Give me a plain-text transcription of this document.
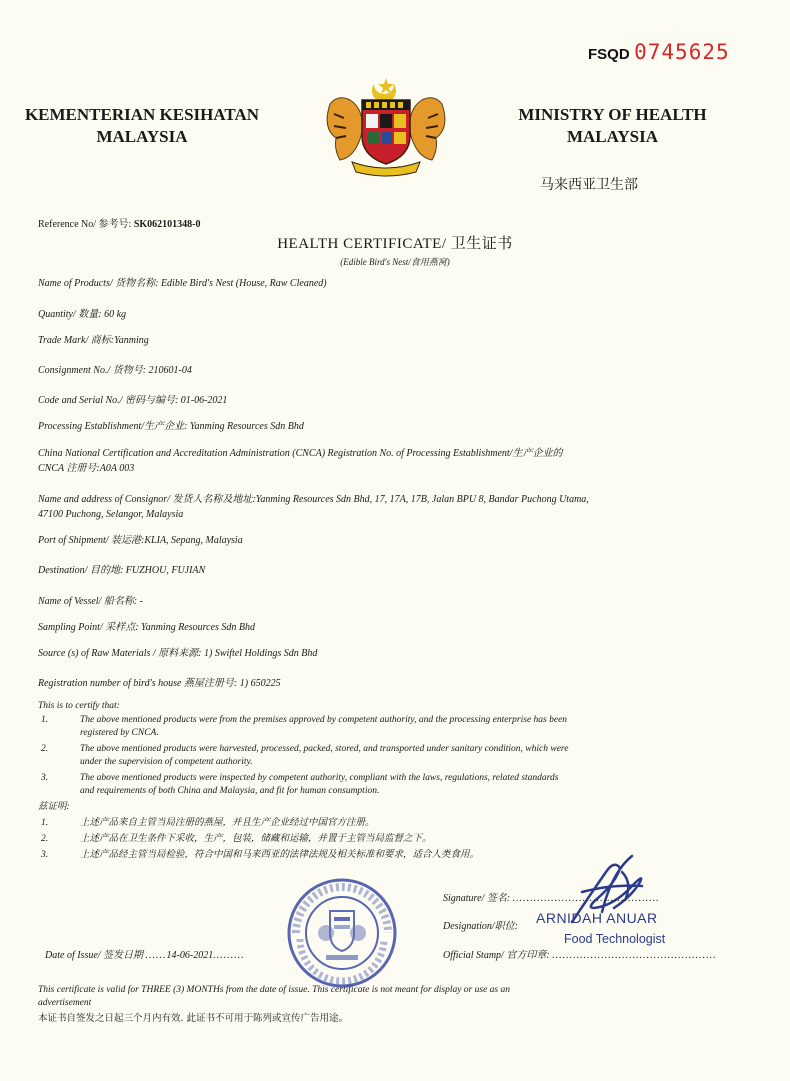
FSQD 0745625
KEMENTERIAN KESIHATAN
MALAYSIA
MINISTRY OF HEALTH
MALAYSIA
马来西亚卫生部
Reference No/ 参考号: SK062101348-0
HEALTH CERTIFICATE/ 卫生证书
(Edible Bird's Nest/食用燕窝)
Name of Products/ 货物名称: Edible Bird's Nest (House, Raw Cleaned)
Quantity/ 数量: 60 kg
Trade Mark/ 商标:Yanming
Consignment No./ 货物号: 210601-04
Code and Serial No./ 密码与编号: 01-06-2021
Processing Establishment/生产企业: Yanming Resources Sdn Bhd
China National Certification and Accreditation Administration (CNCA) Registration No. of Processing Establishment/生产企业的
CNCA 注册号:A0A 003
Name and address of Consignor/ 发货人名称及地址:Yanming Resources Sdn Bhd, 17, 17A, 17B, Jalan BPU 8, Bandar Puchong Utama,
47100 Puchong, Selangor, Malaysia
Port of Shipment/ 装运港:KLIA, Sepang, Malaysia
Destination/ 目的地: FUZHOU, FUJIAN
Name of Vessel/ 船名称: -
Sampling Point/ 采样点: Yanming Resources Sdn Bhd
Source (s) of Raw Materials / 原料来源: 1) Swiftel Holdings Sdn Bhd
Registration number of bird's house 燕屋注册号: 1) 650225
This is to certify that:
1.	The above mentioned products were from the premises approved by competent authority, and the processing enterprise has been
registered by CNCA.
2.	The above mentioned products were harvested, processed, packed, stored, and transported under sanitary condition, which were
under the supervision of competent authority.
3.	The above mentioned products were inspected by competent authority, compliant with the laws, regulations, related standards
and requirements of both China and Malaysia, and fit for human consumption.
兹证明:
1.	上述产品来自主管当局注册的燕屋，并且生产企业经过中国官方注册。
2.	上述产品在卫生条件下采收，生产，包装，储藏和运输，并置于主管当局监督之下。
3.	上述产品经主管当局检验，符合中国和马来西亚的法律法规及相关标准和要求，适合人类食用。
Signature/ 签名: ..........................................
Designation/职位:
ARNIDAH ANUAR
Food Technologist
Official Stamp/ 官方印章: ...............................................
Date of Issue/ 签发日期 ......14-06-2021.........
This certificate is valid for THREE (3) MONTHs from the date of issue. This certificate is not meant for display or use as an
advertisement
本证书自签发之日起三个月内有效. 此证书不可用于陈列或宣传广告用途。
